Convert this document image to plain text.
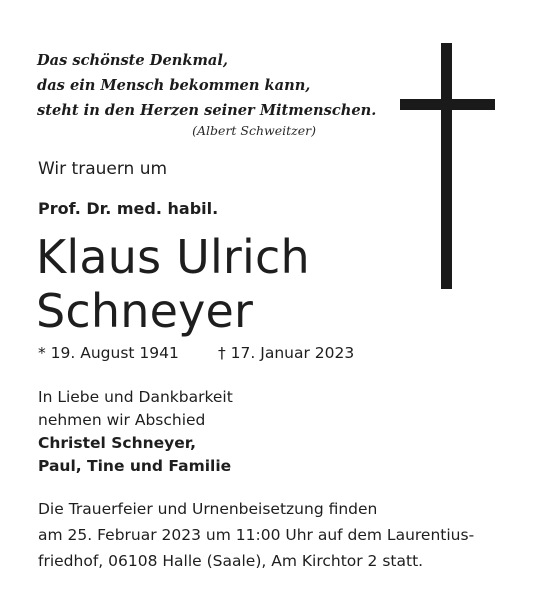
Das schönste Denkmal,
das ein Mensch bekommen kann,
steht in den Herzen seiner Mitmenschen.
(Albert Schweitzer)
Wir trauern um
Prof. Dr. med. habil.
Klaus Ulrich
Schneyer
* 19. August 1941	† 17. Januar 2023
In Liebe und Dankbarkeit
nehmen wir Abschied
Christel Schneyer,
Paul, Tine und Familie
Die Trauerfeier und Urnenbeisetzung finden
am 25. Februar 2023 um 11:00 Uhr auf dem Laurentius-
friedhof, 06108 Halle (Saale), Am Kirchtor 2 statt.
